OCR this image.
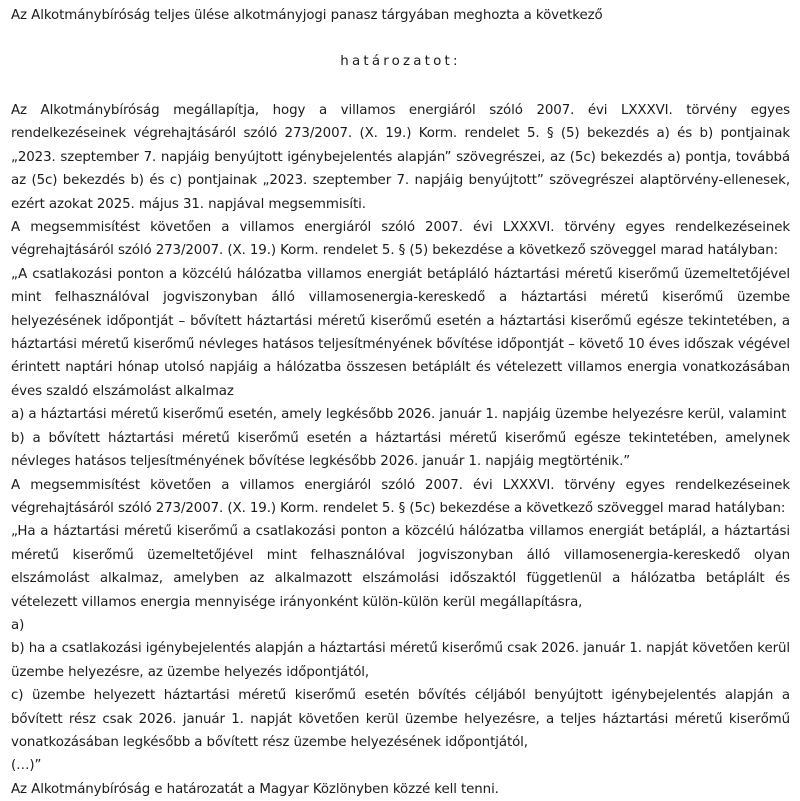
Az Alkotmánybíróság teljes ülése alkotmányjogi panasz tárgyában meghozta a következő

határozatot:

Az Alkotmánybíróság megállapítja, hogy a villamos energiáról szóló 2007. évi LXXXVI. törvény egyes rendelkezéseinek végrehajtásáról szóló 273/2007. (X. 19.) Korm. rendelet 5. § (5) bekezdés a) és b) pontjainak „2023. szeptember 7. napjáig benyújtott igénybejelentés alapján” szövegrészei, az (5c) bekezdés a) pontja, továbbá az (5c) bekezdés b) és c) pontjainak „2023. szeptember 7. napjáig benyújtott” szövegrészei alaptörvény-ellenesek, ezért azokat 2025. május 31. napjával megsemmisíti.

A megsemmisítést követően a villamos energiáról szóló 2007. évi LXXXVI. törvény egyes rendelkezéseinek végrehajtásáról szóló 273/2007. (X. 19.) Korm. rendelet 5. § (5) bekezdése a következő szöveggel marad hatályban:

„A csatlakozási ponton a közcélú hálózatba villamos energiát betápláló háztartási méretű kiserőmű üzemeltetőjével mint felhasználóval jogviszonyban álló villamosenergia-kereskedő a háztartási méretű kiserőmű üzembe helyezésének időpontját – bővített háztartási méretű kiserőmű esetén a háztartási kiserőmű egésze tekintetében, a háztartási méretű kiserőmű névleges hatásos teljesítményének bővítése időpontját – követő 10 éves időszak végével érintett naptári hónap utolsó napjáig a hálózatba összesen betáplált és vételezett villamos energia vonatkozásában éves szaldó elszámolást alkalmaz

a) a háztartási méretű kiserőmű esetén, amely legkésőbb 2026. január 1. napjáig üzembe helyezésre kerül, valamint

b) a bővített háztartási méretű kiserőmű esetén a háztartási méretű kiserőmű egésze tekintetében, amelynek névleges hatásos teljesítményének bővítése legkésőbb 2026. január 1. napjáig megtörténik.”

A megsemmisítést követően a villamos energiáról szóló 2007. évi LXXXVI. törvény egyes rendelkezéseinek végrehajtásáról szóló 273/2007. (X. 19.) Korm. rendelet 5. § (5c) bekezdése a következő szöveggel marad hatályban:

„Ha a háztartási méretű kiserőmű a csatlakozási ponton a közcélú hálózatba villamos energiát betáplál, a háztartási méretű kiserőmű üzemeltetőjével mint felhasználóval jogviszonyban álló villamosenergia-kereskedő olyan elszámolást alkalmaz, amelyben az alkalmazott elszámolási időszaktól függetlenül a hálózatba betáplált és vételezett villamos energia mennyisége irányonként külön-külön kerül megállapításra,

a)

b) ha a csatlakozási igénybejelentés alapján a háztartási méretű kiserőmű csak 2026. január 1. napját követően kerül üzembe helyezésre, az üzembe helyezés időpontjától,

c) üzembe helyezett háztartási méretű kiserőmű esetén bővítés céljából benyújtott igénybejelentés alapján a bővített rész csak 2026. január 1. napját követően kerül üzembe helyezésre, a teljes háztartási méretű kiserőmű vonatkozásában legkésőbb a bővített rész üzembe helyezésének időpontjától,

(…)”

Az Alkotmánybíróság e határozatát a Magyar Közlönyben közzé kell tenni.
